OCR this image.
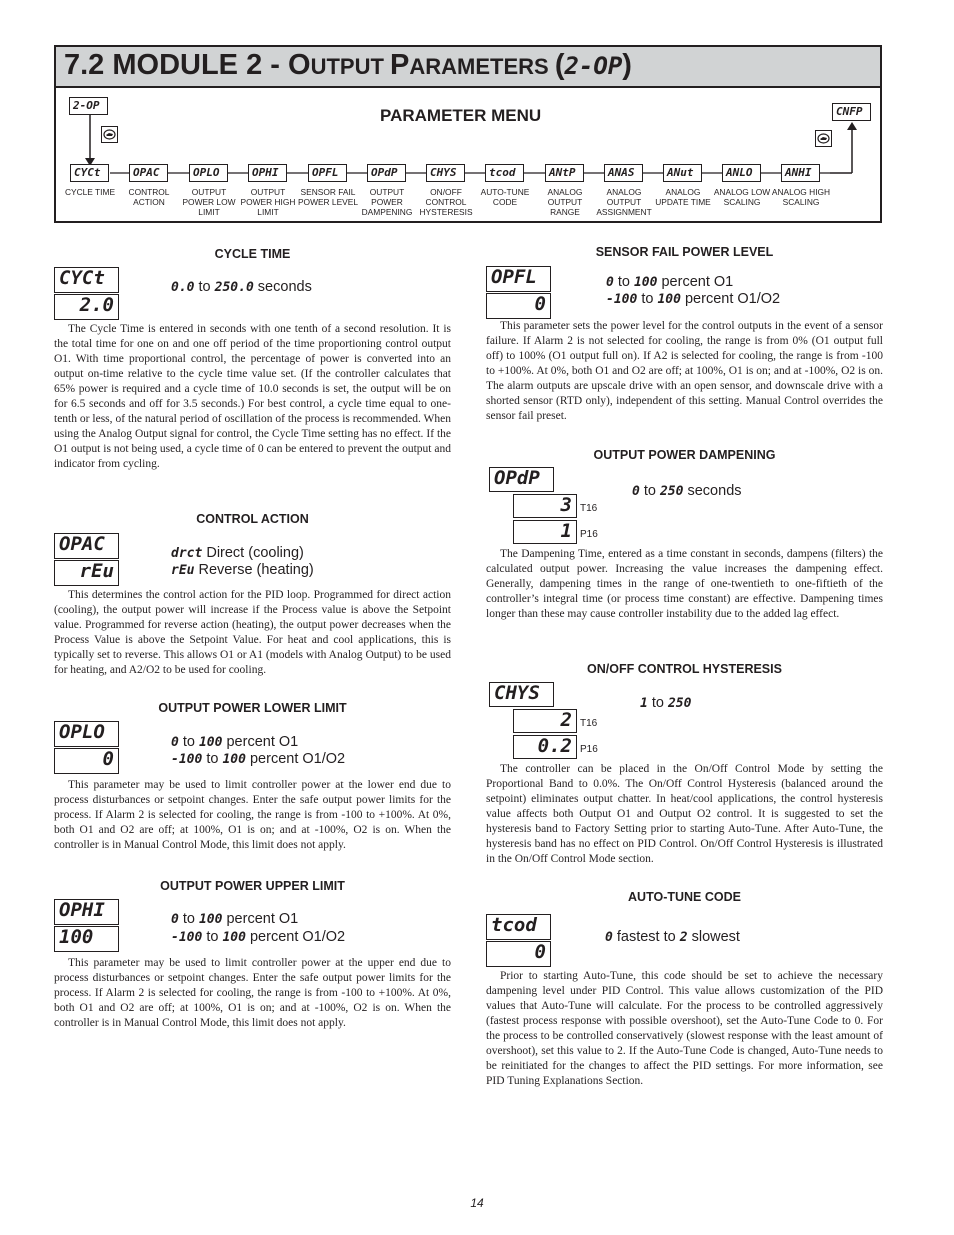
7.2 MODULE 2 - OUTPUT PARAMETERS (2-OP)
PARAMETER MENU
2-OP	CNFP
CYCt
CYCLE TIME
OPAC
CONTROL ACTION
OPLO
OUTPUT POWER LOW LIMIT
OPHI
OUTPUT POWER HIGH LIMIT
OPFL
SENSOR FAIL POWER LEVEL
OPdP
OUTPUT POWER DAMPENING
CHYS
ON/OFF CONTROL HYSTERESIS
tcod
AUTO-TUNE CODE
ANtP
ANALOG OUTPUT RANGE
ANAS
ANALOG OUTPUT ASSIGNMENT
ANut
ANALOG UPDATE TIME
ANLO
ANALOG LOW SCALING
ANHI
ANALOG HIGH SCALING
CYCLE TIME
CYCt
2.0
0.0 to 250.0 seconds

The Cycle Time is entered in seconds with one tenth of a second resolution. It is the total time for one on and one off period of the time proportioning control output O1. With time proportional control, the percentage of power is converted into an output on-time relative to the cycle time value set. (If the controller calculates that 65% power is required and a cycle time of 10.0 seconds is set, the output will be on for 6.5 seconds and off for 3.5 seconds.) For best control, a cycle time equal to one-tenth or less, of the natural period of oscillation of the process is recommended. When using the Analog Output signal for control, the Cycle Time setting has no effect. If the O1 output is not being used, a cycle time of 0 can be entered to prevent the output and indicator from cycling.

CONTROL ACTION
OPAC
rEu
drct Direct (cooling)
rEu Reverse (heating)

This determines the control action for the PID loop. Programmed for direct action (cooling), the output power will increase if the Process value is above the Setpoint value. Programmed for reverse action (heating), the output power decreases when the Process Value is above the Setpoint Value. For heat and cool applications, this is typically set to reverse. This allows O1 or A1 (models with Analog Output) to be used for heating, and A2/O2 to be used for cooling.

OUTPUT POWER LOWER LIMIT
OPLO
0
0 to 100 percent O1
-100 to 100 percent O1/O2

This parameter may be used to limit controller power at the lower end due to process disturbances or setpoint changes. Enter the safe output power limits for the process. If Alarm 2 is selected for cooling, the range is from -100 to +100%. At 0%, both O1 and O2 are off; at 100%, O1 is on; and at -100%, O2 is on. When the controller is in Manual Control Mode, this limit does not apply.

OUTPUT POWER UPPER LIMIT
OPHI
100
0 to 100 percent O1
-100 to 100 percent O1/O2

This parameter may be used to limit controller power at the upper end due to process disturbances or setpoint changes. Enter the safe output power limits for the process. If Alarm 2 is selected for cooling, the range is from -100 to +100%. At 0%, both O1 and O2 are off; at 100%, O1 is on; and at -100%, O2 is on. When the controller is in Manual Control Mode, this limit does not apply.

SENSOR FAIL POWER LEVEL
OPFL
0
0 to 100 percent O1
-100 to 100 percent O1/O2

This parameter sets the power level for the control outputs in the event of a sensor failure. If Alarm 2 is not selected for cooling, the range is from 0% (O1 output full off) to 100% (O1 output full on). If A2 is selected for cooling, the range is from -100 to +100%. At 0%, both O1 and O2 are off; at 100%, O1 is on; and at -100%, O2 is on. The alarm outputs are upscale drive with an open sensor, and downscale drive with a shorted sensor (RTD only), independent of this setting. Manual Control overrides the sensor fail preset.

OUTPUT POWER DAMPENING
OPdP
3 T16
1 P16
0 to 250 seconds

The Dampening Time, entered as a time constant in seconds, dampens (filters) the calculated output power. Increasing the value increases the dampening effect. Generally, dampening times in the range of one-twentieth to one-fiftieth of the controller’s integral time (or process time constant) are effective. Dampening times longer than these may cause controller instability due to the added lag effect.

ON/OFF CONTROL HYSTERESIS
CHYS
2 T16
0.2 P16
1 to 250

The controller can be placed in the On/Off Control Mode by setting the Proportional Band to 0.0%. The On/Off Control Hysteresis (balanced around the setpoint) eliminates output chatter. In heat/cool applications, the control hysteresis value affects both Output O1 and Output O2 control. It is suggested to set the hysteresis band to Factory Setting prior to starting Auto-Tune. After Auto-Tune, the hysteresis band has no effect on PID Control. On/Off Control Hysteresis is illustrated in the On/Off Control Mode section.

AUTO-TUNE CODE
tcod
0
0 fastest to 2 slowest

Prior to starting Auto-Tune, this code should be set to achieve the necessary dampening level under PID Control. This value allows customization of the PID values that Auto-Tune will calculate. For the process to be controlled aggressively (fastest process response with possible overshoot), set the Auto-Tune Code to 0. For the process to be controlled conservatively (slowest response with the least amount of overshoot), set this value to 2. If the Auto-Tune Code is changed, Auto-Tune needs to be reinitiated for the changes to affect the PID settings. For more information, see PID Tuning Explanations Section.

14
